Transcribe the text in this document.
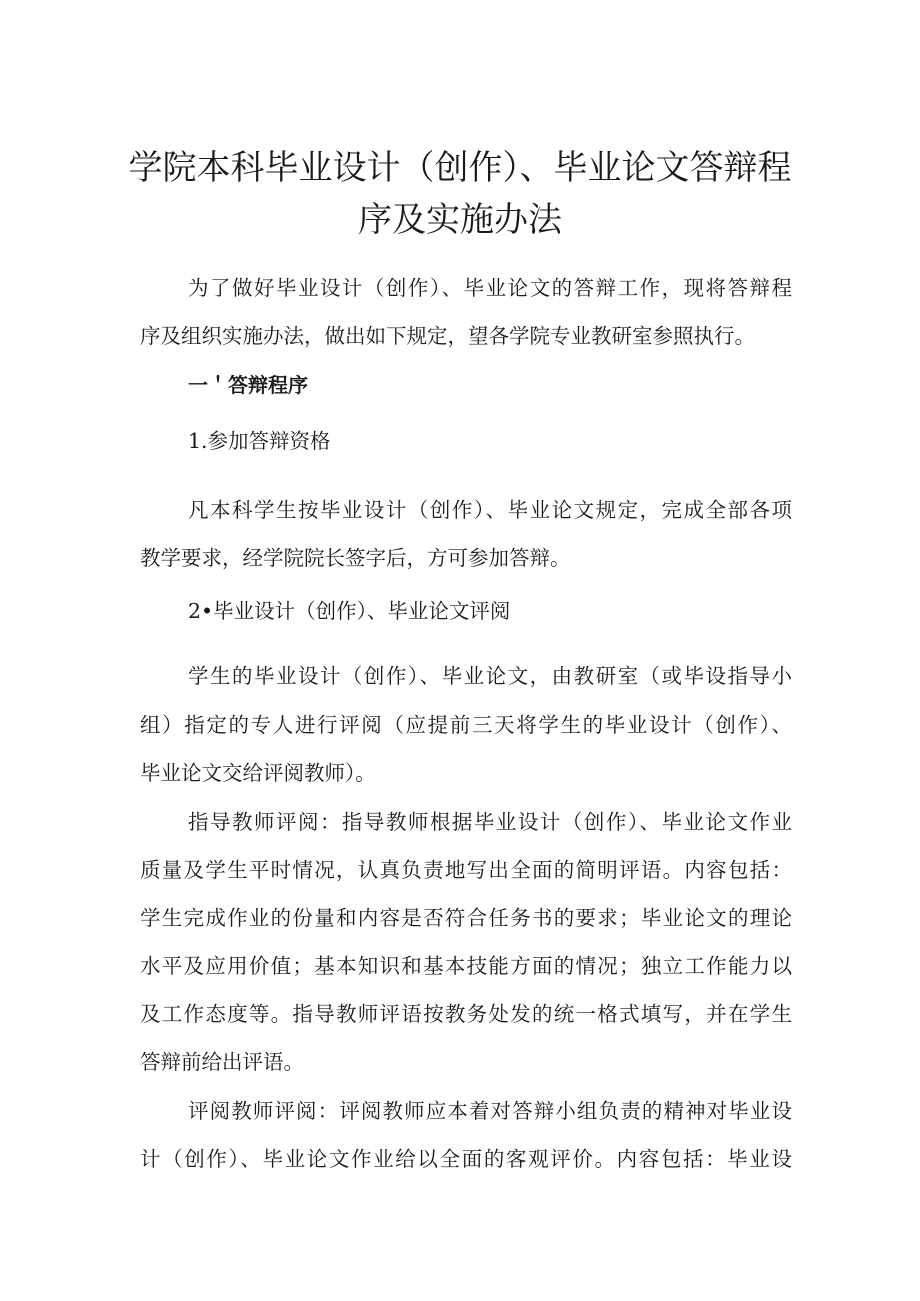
学院本科毕业设计（创作）、毕业论文答辩程
序及实施办法
为了做好毕业设计（创作）、毕业论文的答辩工作，现将答辩程
序及组织实施办法，做出如下规定，望各学院专业教研室参照执行。
一＇答辩程序
1.参加答辩资格
凡本科学生按毕业设计（创作）、毕业论文规定，完成全部各项
教学要求，经学院院长签字后，方可参加答辩。
2•毕业设计（创作）、毕业论文评阅
学生的毕业设计（创作）、毕业论文，由教研室（或毕设指导小
组）指定的专人进行评阅（应提前三天将学生的毕业设计（创作）、
毕业论文交给评阅教师）。
指导教师评阅：指导教师根据毕业设计（创作）、毕业论文作业
质量及学生平时情况，认真负责地写出全面的简明评语。内容包括：
学生完成作业的份量和内容是否符合任务书的要求；毕业论文的理论
水平及应用价值；基本知识和基本技能方面的情况；独立工作能力以
及工作态度等。指导教师评语按教务处发的统一格式填写，并在学生
答辩前给出评语。
评阅教师评阅：评阅教师应本着对答辩小组负责的精神对毕业设
计（创作）、毕业论文作业给以全面的客观评价。内容包括：毕业设
